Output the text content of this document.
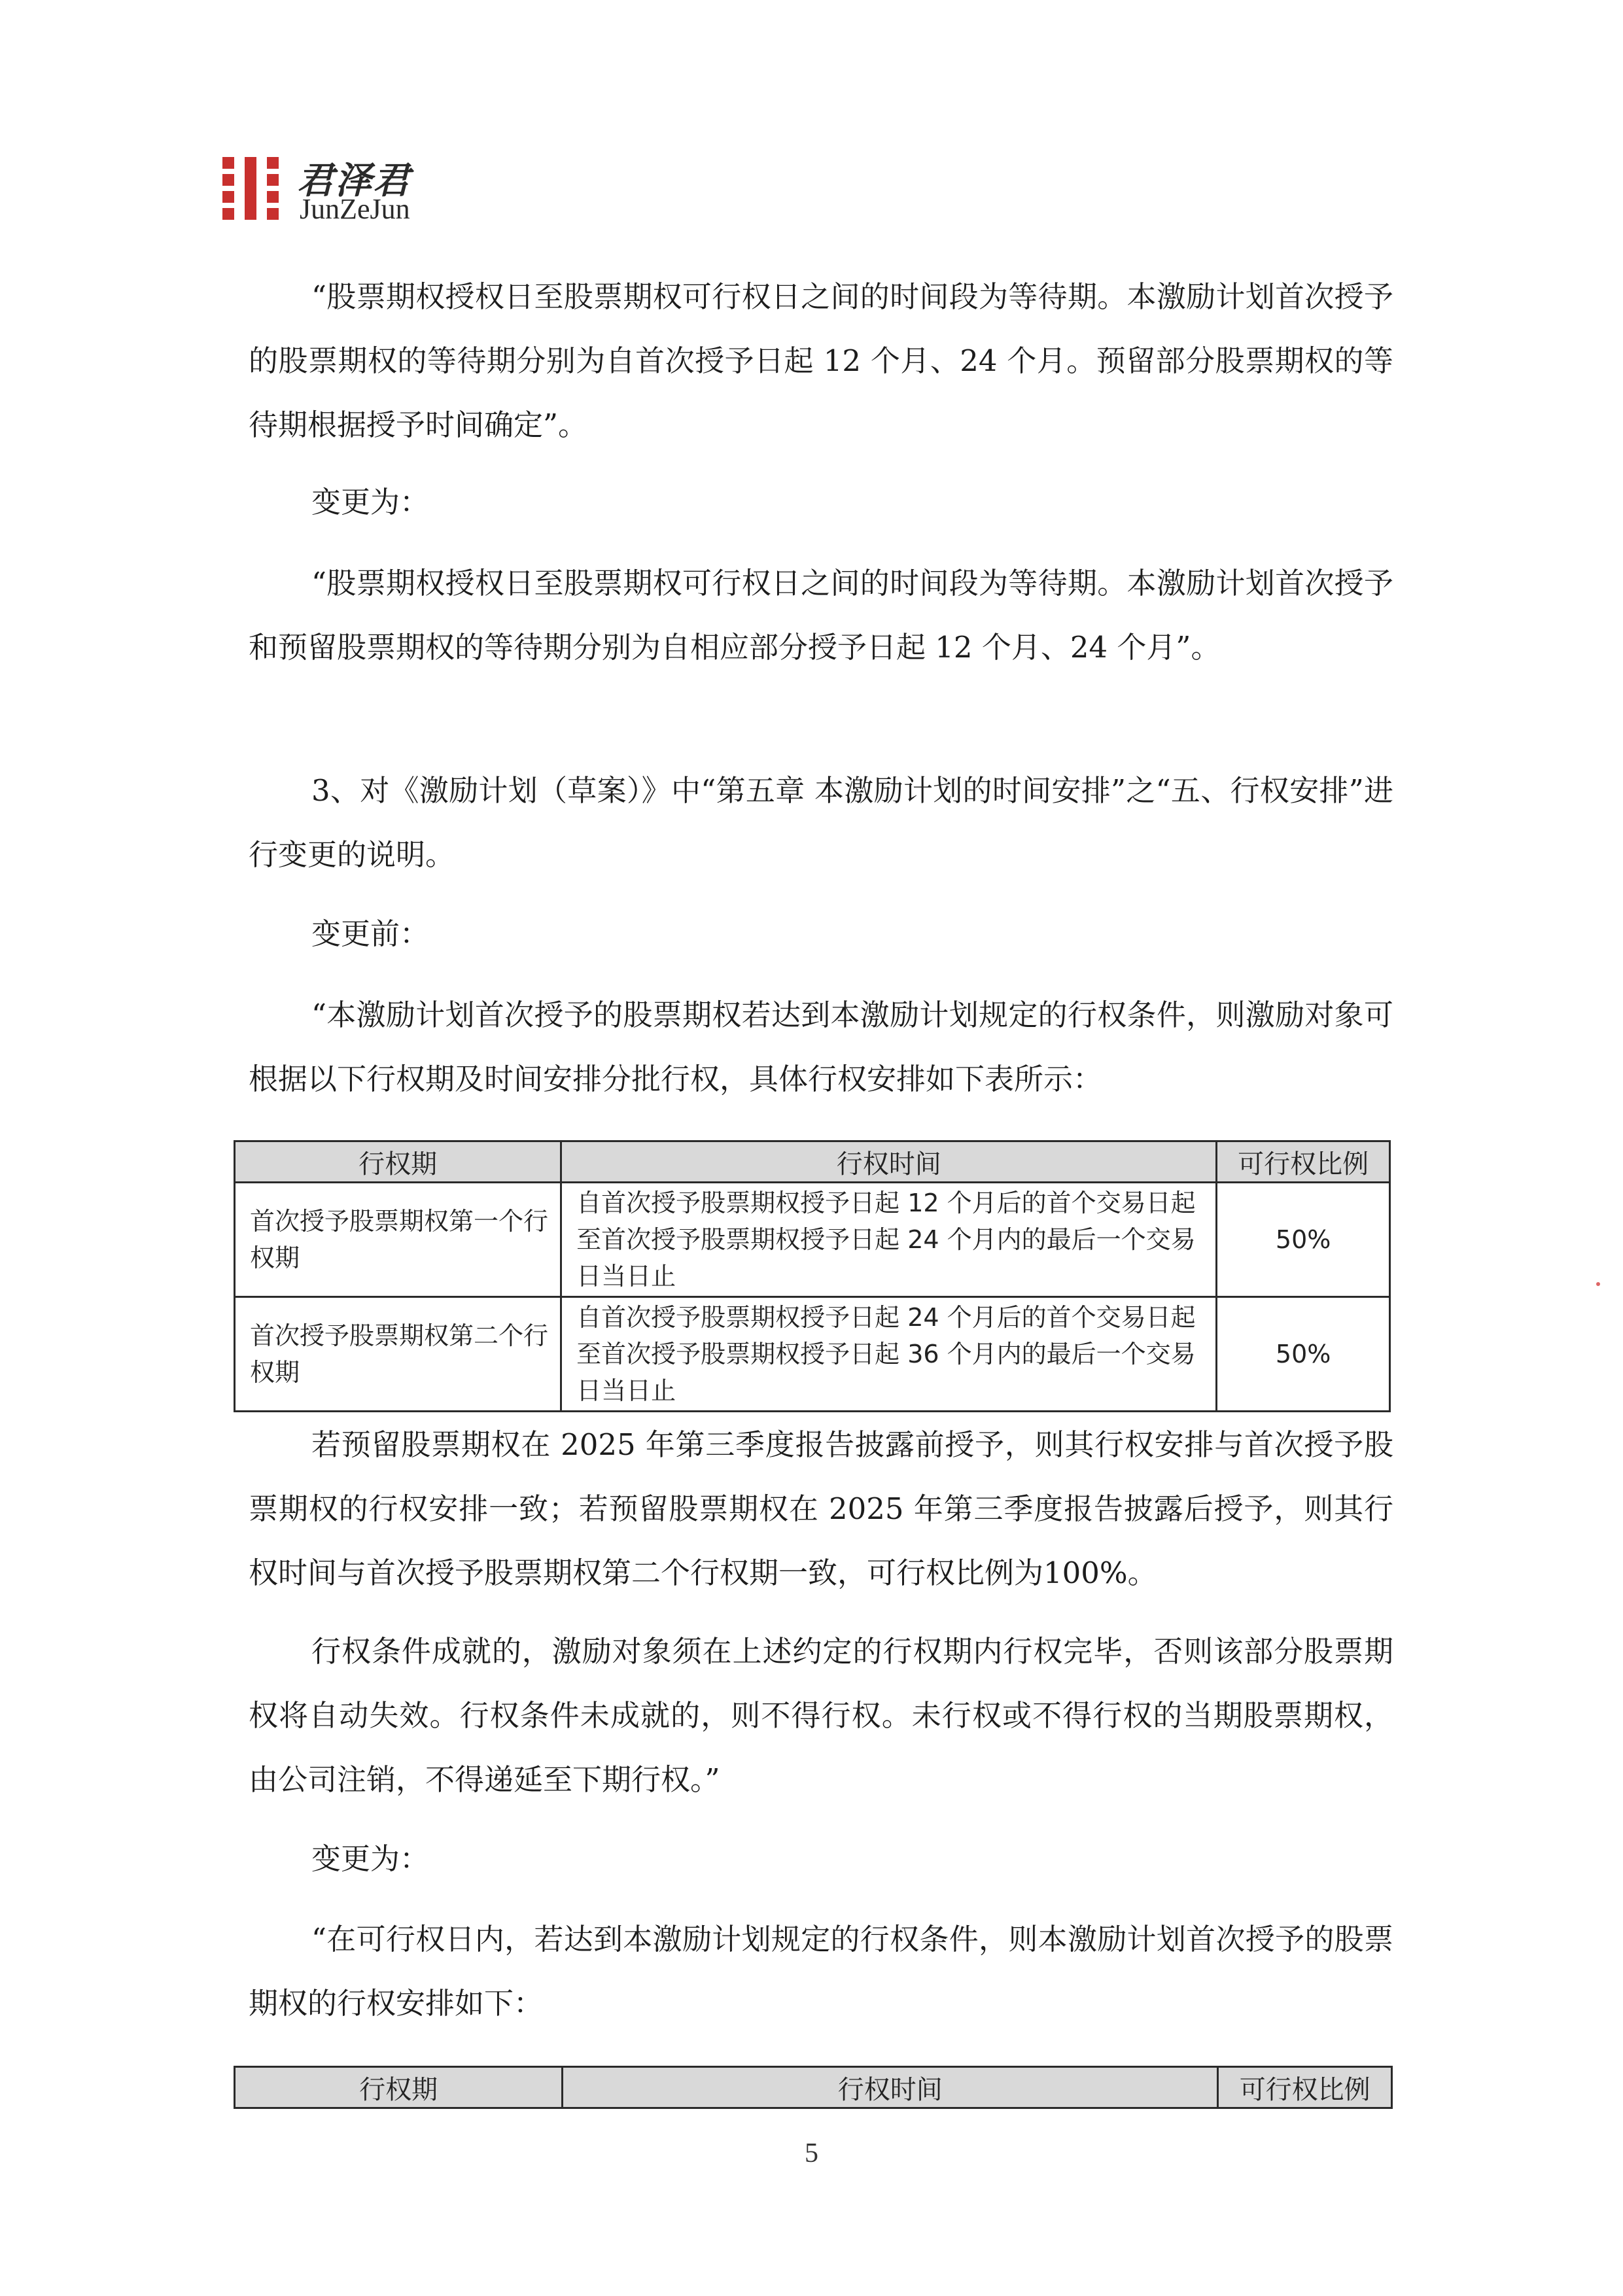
君泽君
JunZeJun

“股票期权授权日至股票期权可行权日之间的时间段为等待期。本激励计划首次授予的股票期权的等待期分别为自首次授予日起 12 个月、24 个月。预留部分股票期权的等待期根据授予时间确定”。

变更为：

“股票期权授权日至股票期权可行权日之间的时间段为等待期。本激励计划首次授予和预留股票期权的等待期分别为自相应部分授予日起 12 个月、24 个月”。

3、对《激励计划（草案）》中“第五章 本激励计划的时间安排”之“五、行权安排”进行变更的说明。

变更前：

“本激励计划首次授予的股票期权若达到本激励计划规定的行权条件，则激励对象可根据以下行权期及时间安排分批行权，具体行权安排如下表所示：

行权期	行权时间	可行权比例
首次授予股票期权第一个行权期	自首次授予股票期权授予日起 12 个月后的首个交易日起至首次授予股票期权授予日起 24 个月内的最后一个交易日当日止	50%
首次授予股票期权第二个行权期	自首次授予股票期权授予日起 24 个月后的首个交易日起至首次授予股票期权授予日起 36 个月内的最后一个交易日当日止	50%

若预留股票期权在 2025 年第三季度报告披露前授予，则其行权安排与首次授予股票期权的行权安排一致；若预留股票期权在 2025 年第三季度报告披露后授予，则其行权时间与首次授予股票期权第二个行权期一致，可行权比例为100%。

行权条件成就的，激励对象须在上述约定的行权期内行权完毕，否则该部分股票期权将自动失效。行权条件未成就的，则不得行权。未行权或不得行权的当期股票期权，由公司注销，不得递延至下期行权。”

变更为：

“在可行权日内，若达到本激励计划规定的行权条件，则本激励计划首次授予的股票期权的行权安排如下：

行权期	行权时间	可行权比例
5
